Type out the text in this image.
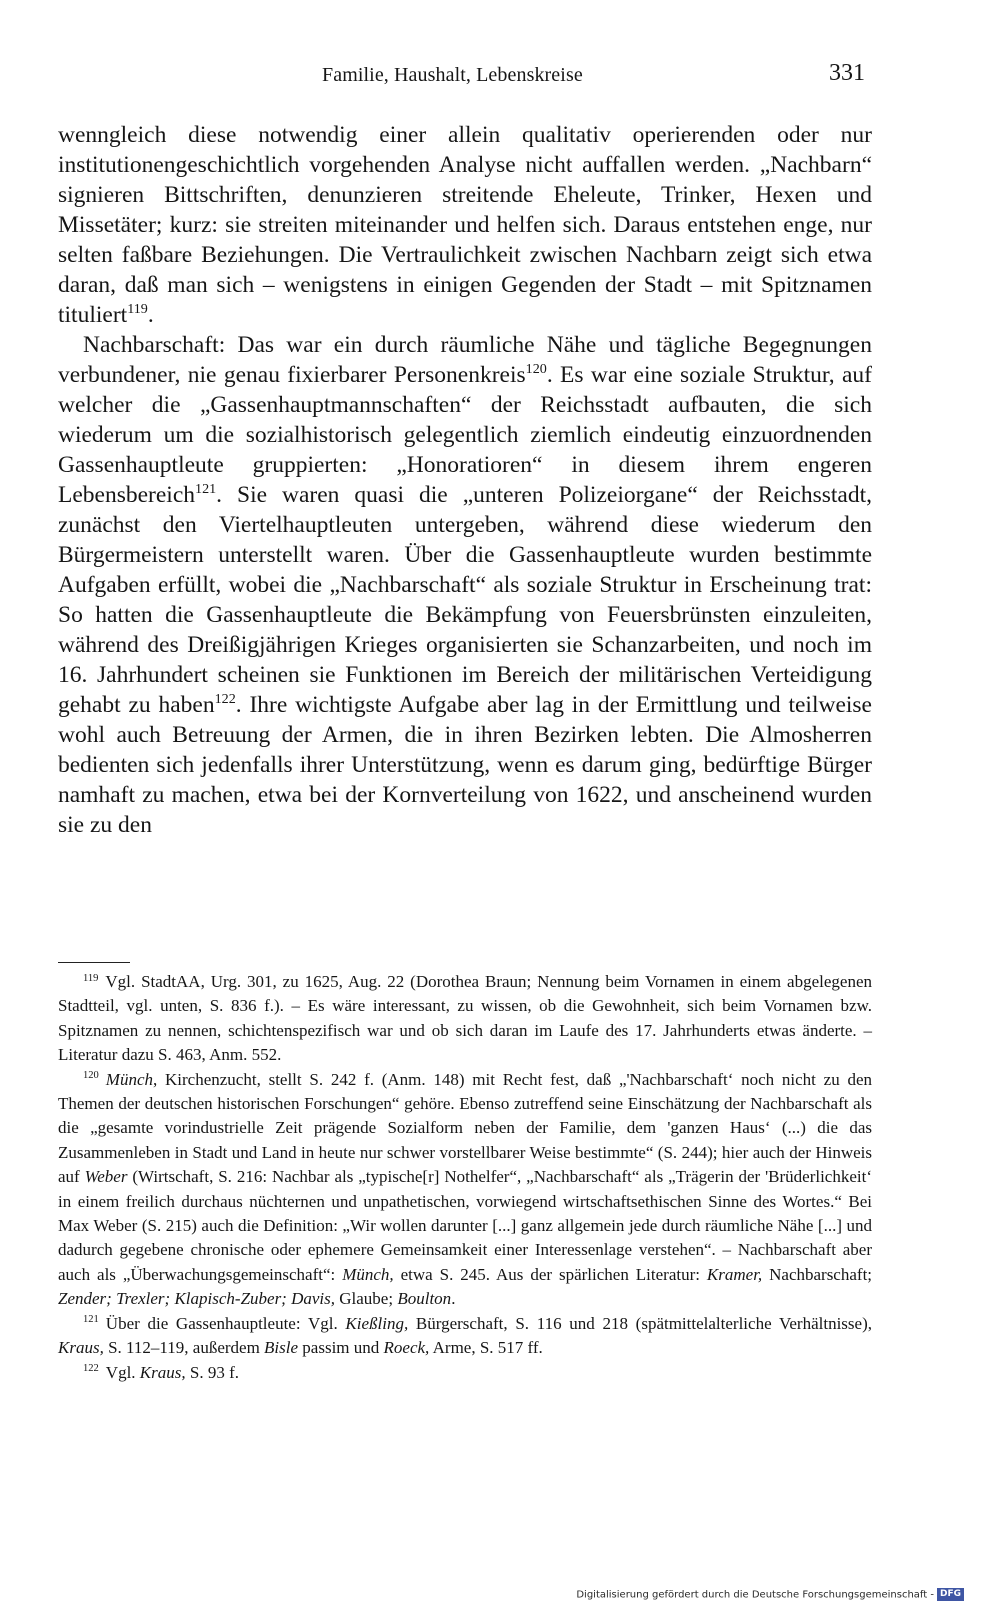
Familie, Haushalt, Lebenskreise	331

wenngleich diese notwendig einer allein qualitativ operierenden oder nur institutionengeschichtlich vorgehenden Analyse nicht auffallen werden. „Nachbarn“ signieren Bittschriften, denunzieren streitende Eheleute, Trinker, Hexen und Missetäter; kurz: sie streiten miteinander und helfen sich. Daraus entstehen enge, nur selten faßbare Beziehungen. Die Vertraulichkeit zwischen Nachbarn zeigt sich etwa daran, daß man sich – wenigstens in einigen Gegenden der Stadt – mit Spitznamen tituliert$^{119}$.

Nachbarschaft: Das war ein durch räumliche Nähe und tägliche Begegnungen verbundener, nie genau fixierbarer Personenkreis$^{120}$. Es war eine soziale Struktur, auf welcher die „Gassenhauptmannschaften“ der Reichsstadt aufbauten, die sich wiederum um die sozialhistorisch gelegentlich ziemlich eindeutig einzuordnenden Gassenhauptleute gruppierten: „Honoratioren“ in diesem ihrem engeren Lebensbereich$^{121}$. Sie waren quasi die „unteren Polizeiorgane“ der Reichsstadt, zunächst den Viertelhauptleuten untergeben, während diese wiederum den Bürgermeistern unterstellt waren. Über die Gassenhauptleute wurden bestimmte Aufgaben erfüllt, wobei die „Nachbarschaft“ als soziale Struktur in Erscheinung trat: So hatten die Gassenhauptleute die Bekämpfung von Feuersbrünsten einzuleiten, während des Dreißigjährigen Krieges organisierten sie Schanzarbeiten, und noch im 16. Jahrhundert scheinen sie Funktionen im Bereich der militärischen Verteidigung gehabt zu haben$^{122}$. Ihre wichtigste Aufgabe aber lag in der Ermittlung und teilweise wohl auch Betreuung der Armen, die in ihren Bezirken lebten. Die Almosherren bedienten sich jedenfalls ihrer Unterstützung, wenn es darum ging, bedürftige Bürger namhaft zu machen, etwa bei der Kornverteilung von 1622, und anscheinend wurden sie zu den

$^{119}$ Vgl. StadtAA, Urg. 301, zu 1625, Aug. 22 (Dorothea Braun; Nennung beim Vornamen in einem abgelegenen Stadtteil, vgl. unten, S. 836 f.). – Es wäre interessant, zu wissen, ob die Gewohnheit, sich beim Vornamen bzw. Spitznamen zu nennen, schichtenspezifisch war und ob sich daran im Laufe des 17. Jahrhunderts etwas änderte. – Literatur dazu S. 463, Anm. 552.

$^{120}$ Münch, Kirchenzucht, stellt S. 242 f. (Anm. 148) mit Recht fest, daß „'Nachbarschaft‘ noch nicht zu den Themen der deutschen historischen Forschungen“ gehöre. Ebenso zutreffend seine Einschätzung der Nachbarschaft als die „gesamte vorindustrielle Zeit prägende Sozialform neben der Familie, dem 'ganzen Haus‘ (...) die das Zusammenleben in Stadt und Land in heute nur schwer vorstellbarer Weise bestimmte“ (S. 244); hier auch der Hinweis auf Weber (Wirtschaft, S. 216: Nachbar als „typische[r] Nothelfer“, „Nachbarschaft“ als „Trägerin der 'Brüderlichkeit‘ in einem freilich durchaus nüchternen und unpathetischen, vorwiegend wirtschaftsethischen Sinne des Wortes.“ Bei Max Weber (S. 215) auch die Definition: „Wir wollen darunter [...] ganz allgemein jede durch räumliche Nähe [...] und dadurch gegebene chronische oder ephemere Gemeinsamkeit einer Interessenlage verstehen“. – Nachbarschaft aber auch als „Überwachungsgemeinschaft“: Münch, etwa S. 245. Aus der spärlichen Literatur: Kramer, Nachbarschaft; Zender; Trexler; Klapisch-Zuber; Davis, Glaube; Boulton.

$^{121}$ Über die Gassenhauptleute: Vgl. Kießling, Bürgerschaft, S. 116 und 218 (spätmittelalterliche Verhältnisse), Kraus, S. 112–119, außerdem Bisle passim und Roeck, Arme, S. 517 ff.

$^{122}$ Vgl. Kraus, S. 93 f.

Digitalisierung gefördert durch die Deutsche Forschungsgemeinschaft - DFG
